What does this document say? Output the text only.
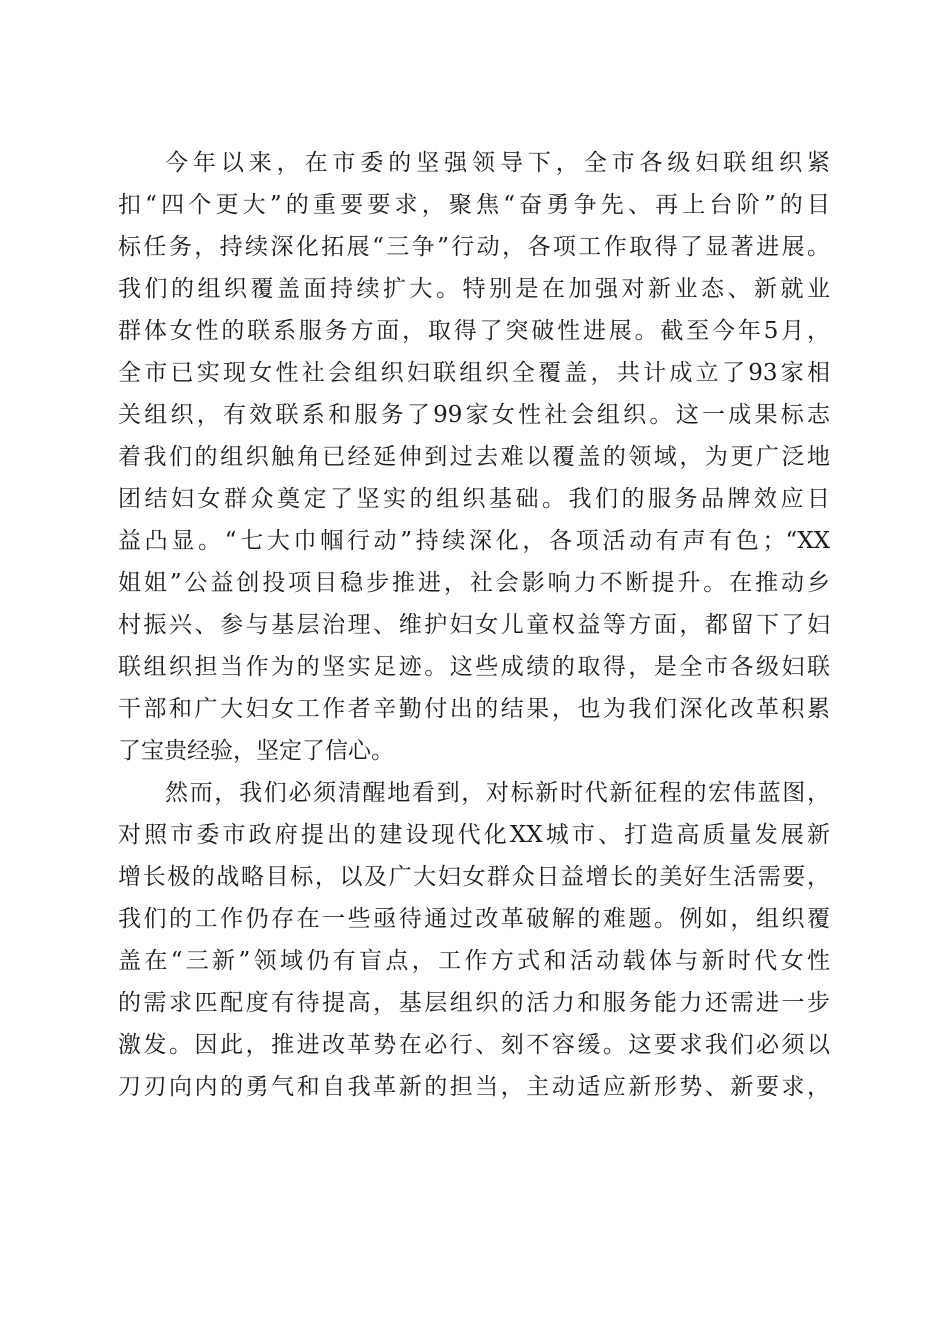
今年以来，在市委的坚强领导下，全市各级妇联组织紧
扣“四个更大”的重要要求，聚焦“奋勇争先、再上台阶”的目
标任务，持续深化拓展“三争”行动，各项工作取得了显著进展。
我们的组织覆盖面持续扩大。特别是在加强对新业态、新就业
群体女性的联系服务方面，取得了突破性进展。截至今年5月，
全市已实现女性社会组织妇联组织全覆盖，共计成立了93家相
关组织，有效联系和服务了99家女性社会组织。这一成果标志
着我们的组织触角已经延伸到过去难以覆盖的领域，为更广泛地
团结妇女群众奠定了坚实的组织基础。我们的服务品牌效应日
益凸显。“七大巾帼行动”持续深化，各项活动有声有色；“XX
姐姐”公益创投项目稳步推进，社会影响力不断提升。在推动乡
村振兴、参与基层治理、维护妇女儿童权益等方面，都留下了妇
联组织担当作为的坚实足迹。这些成绩的取得，是全市各级妇联
干部和广大妇女工作者辛勤付出的结果，也为我们深化改革积累
了宝贵经验，坚定了信心。
然而，我们必须清醒地看到，对标新时代新征程的宏伟蓝图，
对照市委市政府提出的建设现代化XX城市、打造高质量发展新
增长极的战略目标，以及广大妇女群众日益增长的美好生活需要，
我们的工作仍存在一些亟待通过改革破解的难题。例如，组织覆
盖在“三新”领域仍有盲点，工作方式和活动载体与新时代女性
的需求匹配度有待提高，基层组织的活力和服务能力还需进一步
激发。因此，推进改革势在必行、刻不容缓。这要求我们必须以
刀刃向内的勇气和自我革新的担当，主动适应新形势、新要求，
